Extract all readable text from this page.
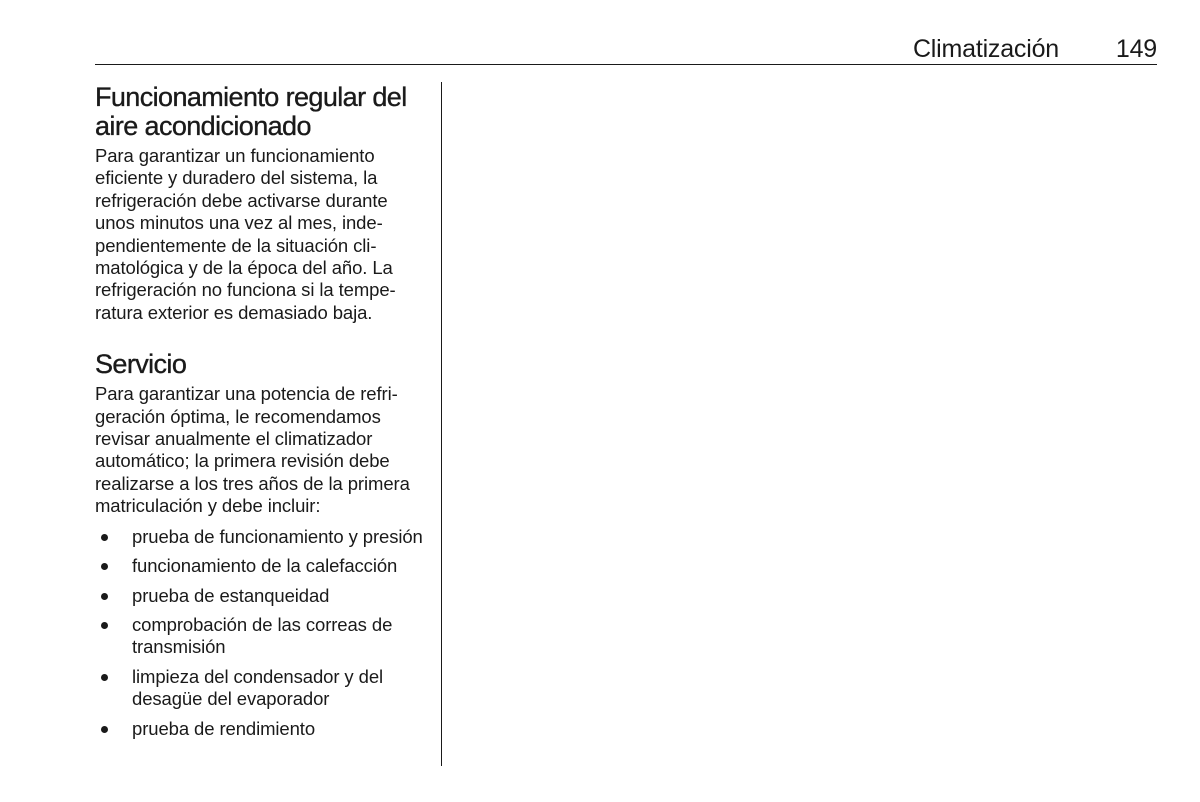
Climatización 149
Funcionamiento regular del aire acondicionado

Para garantizar un funcionamiento eficiente y duradero del sistema, la refrigeración debe activarse durante unos minutos una vez al mes, independientemente de la situación climatológica y de la época del año. La refrigeración no funciona si la temperatura exterior es demasiado baja.

Servicio

Para garantizar una potencia de refrigeración óptima, le recomendamos revisar anualmente el climatizador automático; la primera revisión debe realizarse a los tres años de la primera matriculación y debe incluir:

prueba de funcionamiento y presión
funcionamiento de la calefacción
prueba de estanqueidad
comprobación de las correas de transmisión
limpieza del condensador y del desagüe del evaporador
prueba de rendimiento
